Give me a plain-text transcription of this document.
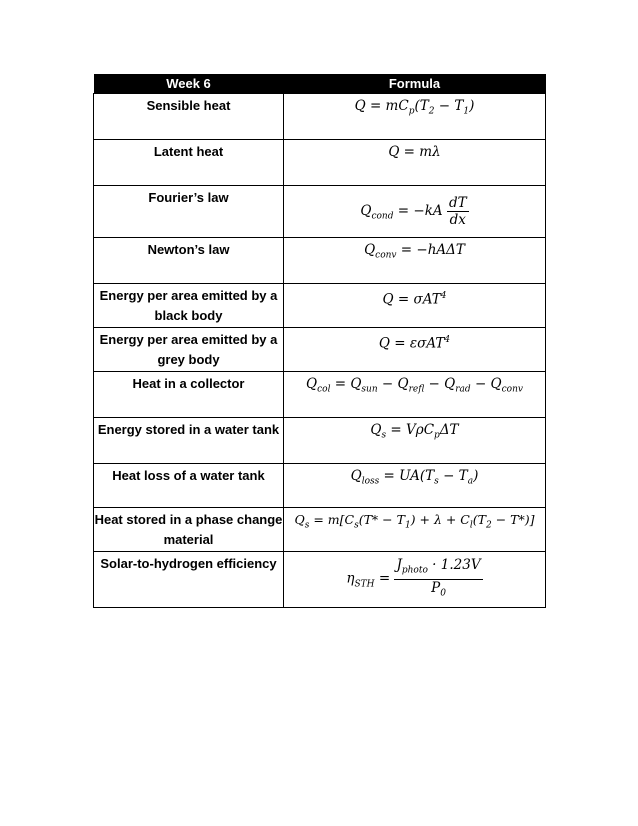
Week 6	Formula
Sensible heat	$Q = mC_p(T_2 - T_1)$
Latent heat	Q = mλ
Fourier’s law	$Q_{cond} = -kA \frac{dT}{dx}$

Newton’s law	$Q_{conv} = -hA\Delta T$
Energy per area emitted by a black body	Q = σAT$^4$
Energy per area emitted by a grey body	Q = εσAT$^4$
Heat in a collector	$Q_{col} = Q_{sun} - Q_{refl} - Q_{rad} - Q_{conv}$
Energy stored in a water tank	$Q_s = V\rho C_p\Delta T$
Heat loss of a water tank	$Q_{loss} = UA(T_s - T_a)$
Heat stored in a phase change material	$Q_s = m[C_s(T* - T_1) + \lambda + C_l(T_2 - T*)]$
Solar-to-hydrogen efficiency	$\eta_{STH} = \frac{J_{photo} \cdot 1.23V}{P_0}$
